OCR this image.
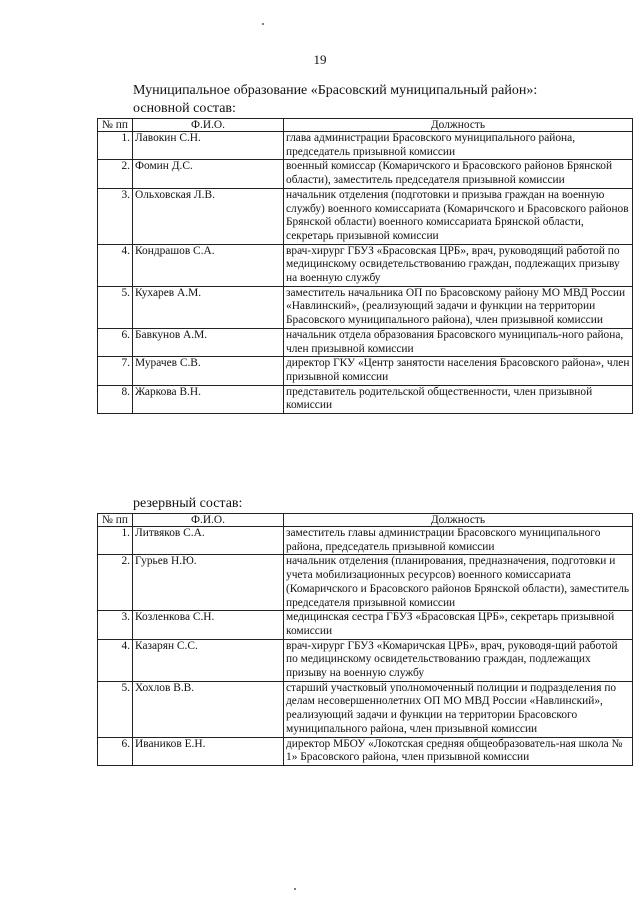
19
Муниципальное образование «Брасовский муниципальный район»:
основной состав:
№ пп	Ф.И.О.	Должность
1 .	Лавокин С.Н.	глава администрации Брасовского муниципального района, председатель призывной комиссии
2 .	Фомин Д.С.	военный комиссар (Комаричского и Брасовского районов Брянской области), заместитель председателя призывной комиссии
3 .	Ольховская Л.В.	начальник отделения (подготовки и призыва граждан на военную службу) военного комиссариата (Комаричского и Брасовского районов Брянской области) военного комиссариата Брянской области, секретарь призывной комиссии
4 .	Кондрашов С.А.	врач-хирург ГБУЗ «Брасовская ЦРБ», врач, руководящий работой по медицинскому освидетельствованию граждан, подлежащих призыву на военную службу
5 .	Кухарев А.М.	заместитель начальника ОП по Брасовскому району МО МВД России «Навлинский», (реализующий задачи и функции на территории Брасовского муниципального района), член призывной комиссии
6 .	Бавкунов А.М.	начальник отдела образования Брасовского муниципаль-ного района, член призывной комиссии
7 .	Мурачев С.В.	директор ГКУ «Центр занятости населения Брасовского района», член призывной комиссии
8 .	Жаркова В.Н.	представитель родительской общественности, член призывной комиссии
резервный состав:
№ пп	Ф.И.О.	Должность
1 .	Литвяков С.А.	заместитель главы администрации Брасовского муниципального района, председатель призывной комиссии
2 .	Гурьев Н.Ю.	начальник отделения (планирования, предназначения, подготовки и учета мобилизационных ресурсов) военного комиссариата (Комаричского и Брасовского районов Брянской области), заместитель председателя призывной комиссии
3 .	Козленкова С.Н.	медицинская сестра ГБУЗ «Брасовская ЦРБ», секретарь призывной комиссии
4 .	Казарян С.С.	врач-хирург ГБУЗ «Комаричская ЦРБ», врач, руководя-щий работой по медицинскому освидетельствованию граждан, подлежащих призыву на военную службу
5 .	Хохлов В.В.	старший участковый уполномоченный полиции и подразделения по делам несовершеннолетних ОП МО МВД России «Навлинский», реализующий задачи и функции на территории Брасовского муниципального района, член призывной комиссии
6 .	Иваников Е.Н.	директор МБОУ «Локотская средняя общеобразователь-ная школа № 1» Брасовского района, член призывной комиссии
